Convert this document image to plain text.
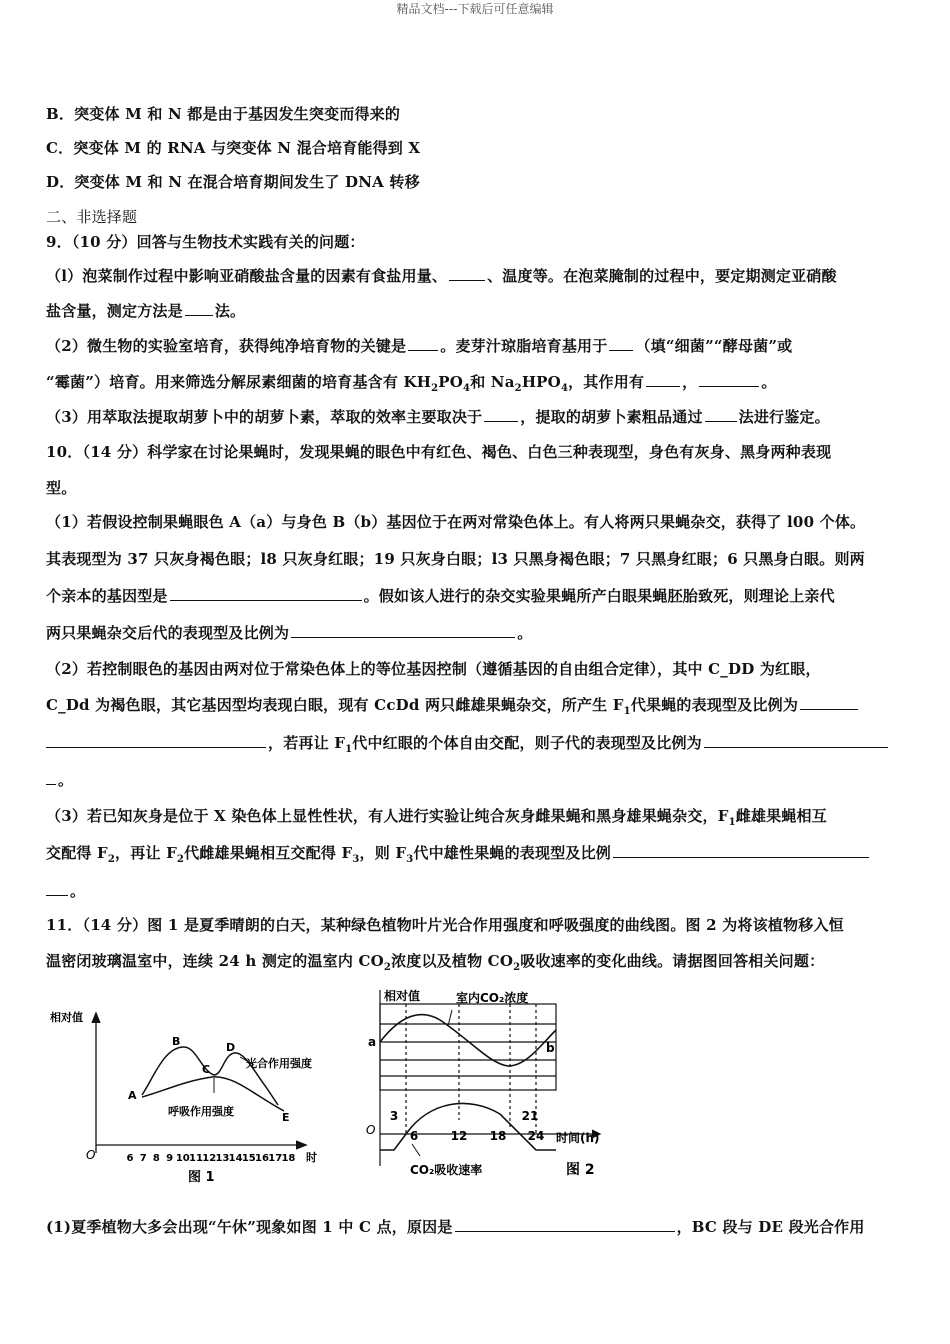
精品文档---下载后可任意编辑
B．突变体 M 和 N 都是由于基因发生突变而得来的
C．突变体 M 的 RNA 与突变体 N 混合培育能得到 X
D．突变体 M 和 N 在混合培育期间发生了 DNA 转移
二、非选择题
9．（10 分）回答与生物技术实践有关的问题：
（l）泡菜制作过程中影响亚硝酸盐含量的因素有食盐用量、	、温度等。在泡菜腌制的过程中，要定期测定亚硝酸
盐含量，测定方法是 法。
（2）微生物的实验室培育，获得纯净培育物的关键是 。麦芽汁琼脂培育基用于 （填“细菌”“酵母菌”或
“霉菌”）培育。用来筛选分解尿素细菌的培育基含有 $KH_2PO_4$和 $Na_2HPO_4$，其作用有	，	。
（3）用萃取法提取胡萝卜中的胡萝卜素，萃取的效率主要取决于	，提取的胡萝卜素粗品通过 法进行鉴定。
10．（14 分）科学家在讨论果蝇时，发现果蝇的眼色中有红色、褐色、白色三种表现型，身色有灰身、黑身两种表现
型。
（1）若假设控制果蝇眼色 A（a）与身色 B（b）基因位于在两对常染色体上。有人将两只果蝇杂交，获得了 l00 个体。
其表现型为 37 只灰身褐色眼；l8 只灰身红眼；19 只灰身白眼；l3 只黑身褐色眼；7 只黑身红眼；6 只黑身白眼。则两
个亲本的基因型是	。假如该人进行的杂交实验果蝇所产白眼果蝇胚胎致死，则理论上亲代
两只果蝇杂交后代的表现型及比例为	。
（2）若控制眼色的基因由两对位于常染色体上的等位基因控制（遵循基因的自由组合定律），其中 C_DD 为红眼，
C_Dd 为褐色眼，其它基因型均表现白眼，现有 CcDd 两只雌雄果蝇杂交，所产生 $F_1$代果蝇的表现型及比例为
，若再让 $F_1$代中红眼的个体自由交配，则子代的表现型及比例为
。
（3）若已知灰身是位于 X 染色体上显性性状，有人进行实验让纯合灰身雌果蝇和黑身雄果蝇杂交，$F_1$雌雄果蝇相互
交配得 $F_2$，再让 $F_2$代雌雄果蝇相互交配得 $F_3$，则 $F_3$代中雄性果蝇的表现型及比例
。
11．（14 分）图 1 是夏季晴朗的白天，某种绿色植物叶片光合作用强度和呼吸强度的曲线图。图 2 为将该植物移入恒
温密闭玻璃温室中，连续 24 h 测定的温室内 $CO_2$浓度以及植物 $CO_2$吸收速率的变化曲线。请据图回答相关问题：
相对值
O	6 7 8 9 10 11 12 13 14 15 16 17 18 时
A
B
C
D
E
光合作用强度
呼吸作用强度
图 1
相对值	室内CO₂浓度
a	b
O
3
6	12 18
21
24 时间(h)
CO₂吸收速率	图 2
(1)夏季植物大多会出现“午休”现象如图 1 中 C 点，原因是	，BC 段与 DE 段光合作用
